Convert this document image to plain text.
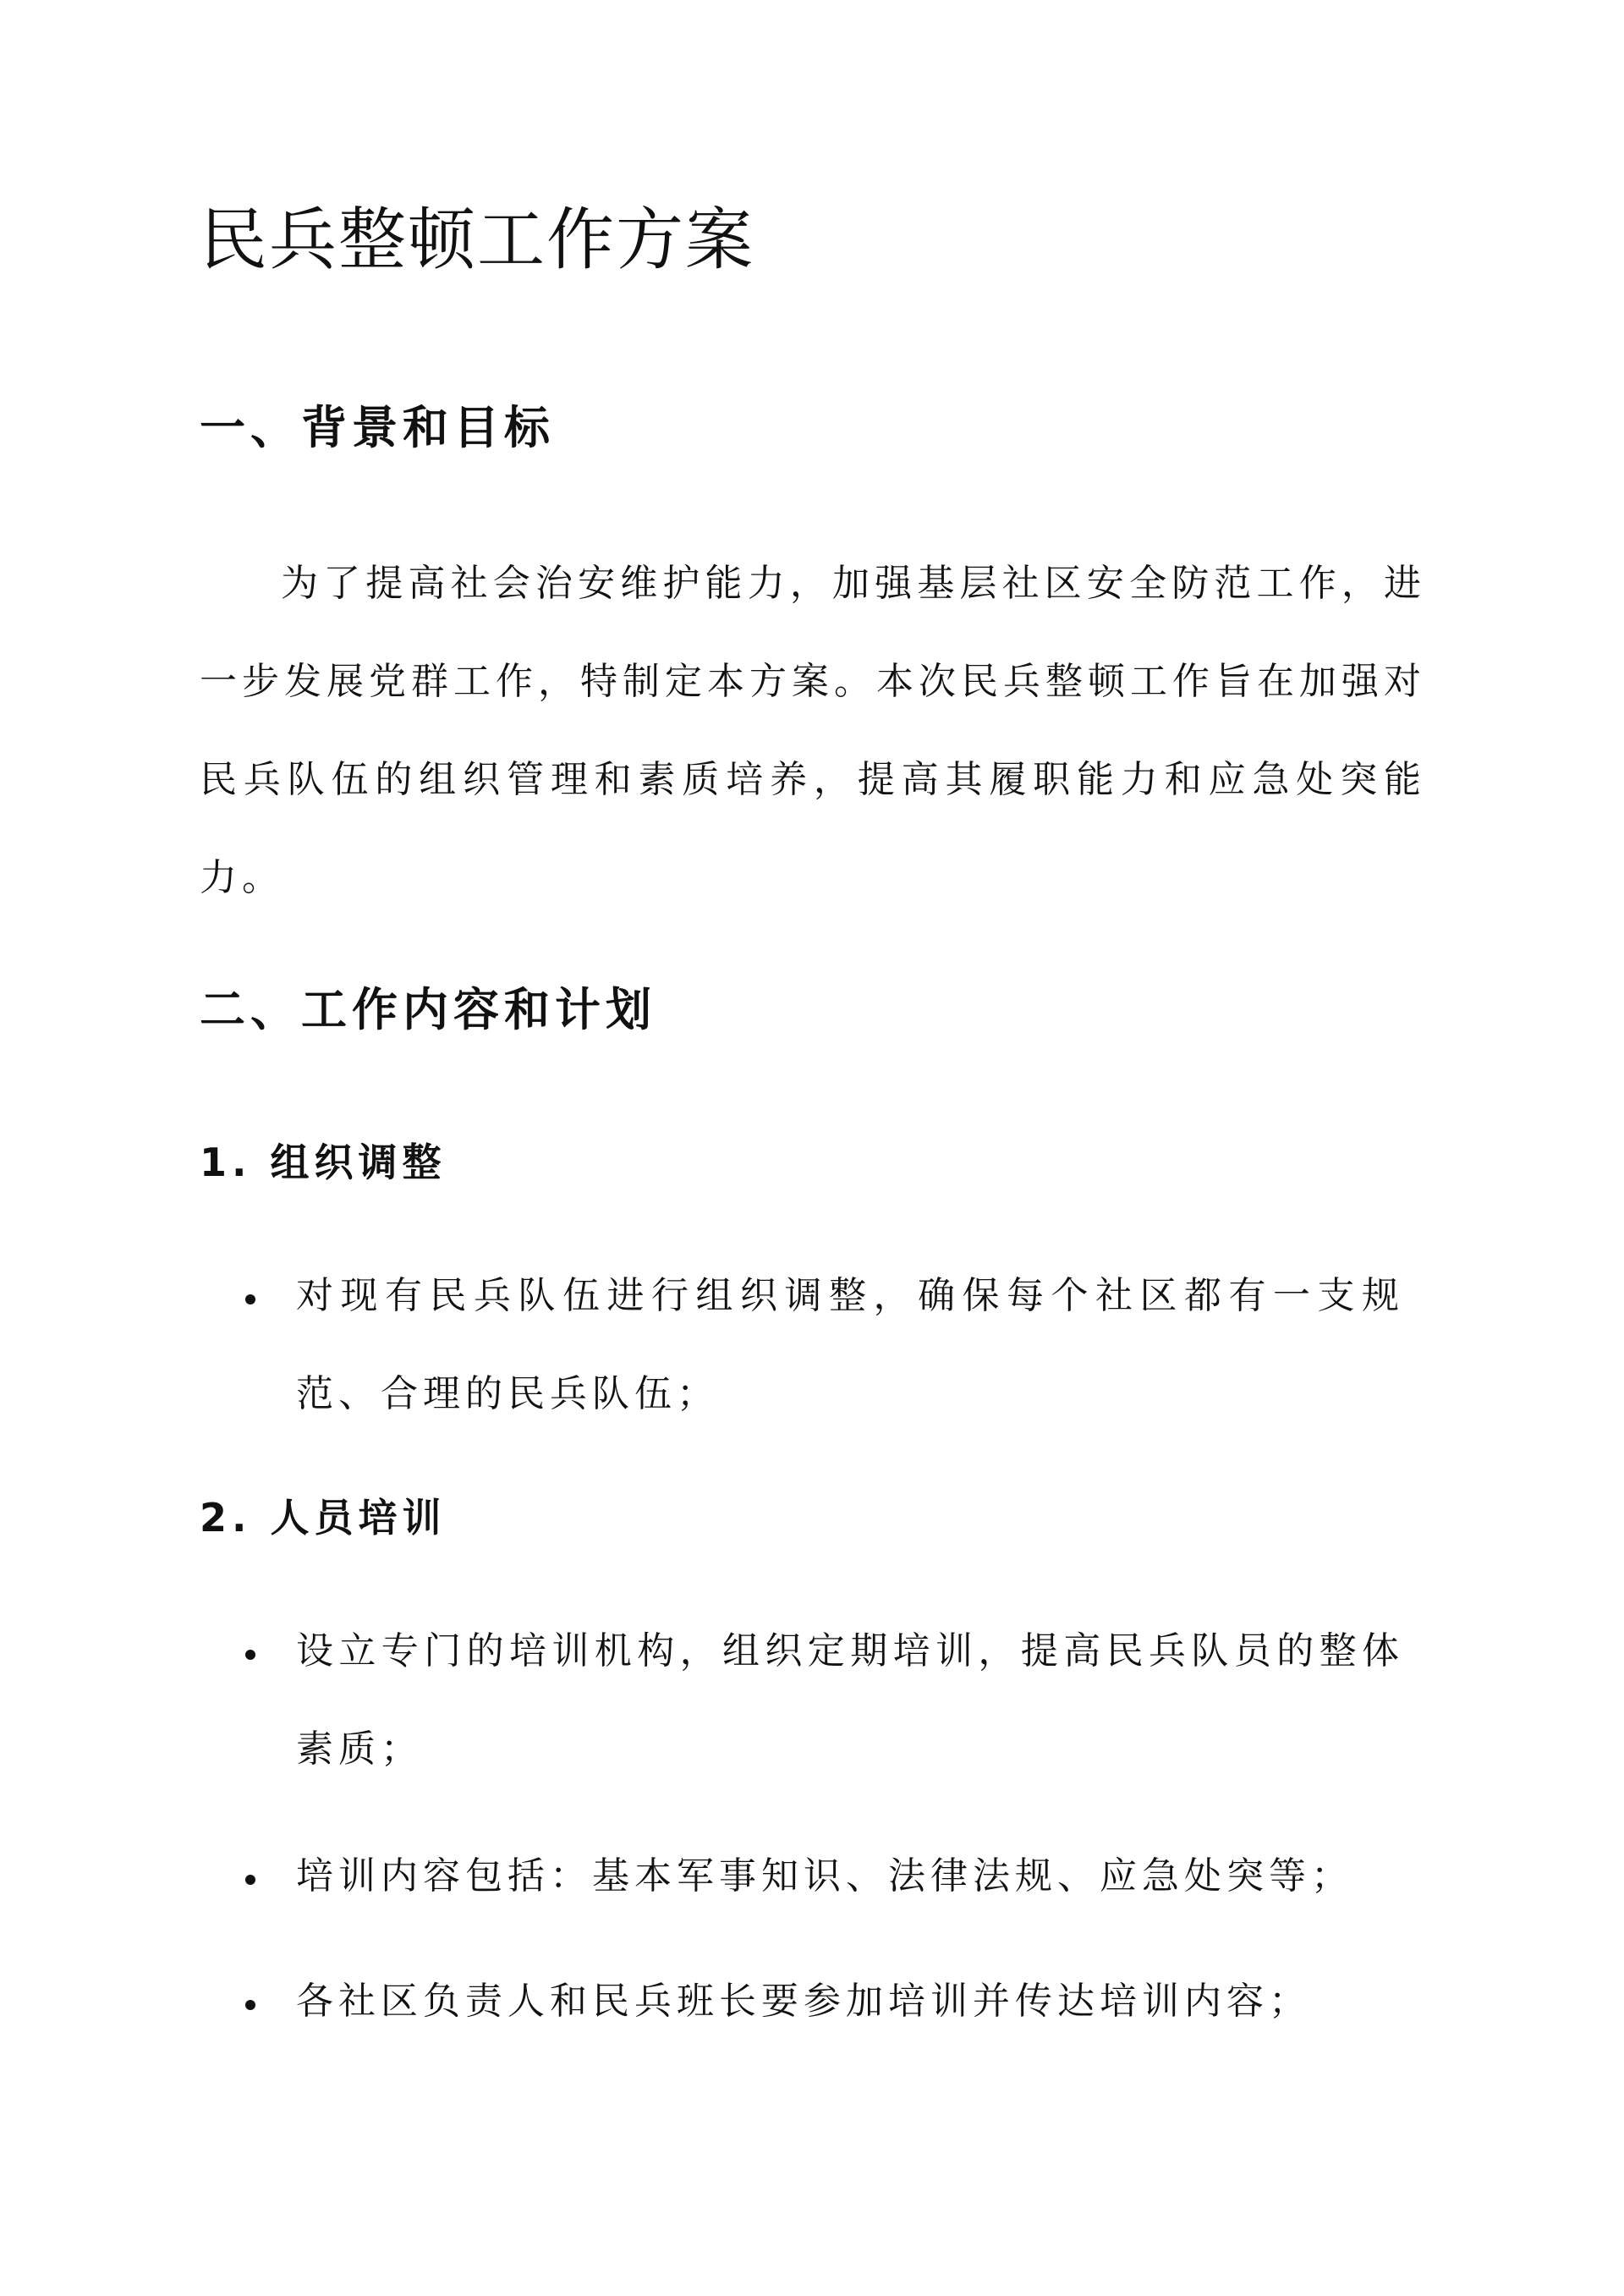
民兵整顿工作方案
一、背景和目标

为了提高社会治安维护能力，加强基层社区安全防范工作，进一步发展党群工作，特制定本方案。本次民兵整顿工作旨在加强对民兵队伍的组织管理和素质培养，提高其履职能力和应急处突能力。

二、工作内容和计划
1. 组织调整

对现有民兵队伍进行组织调整，确保每个社区都有一支规范、合理的民兵队伍；

2. 人员培训

设立专门的培训机构，组织定期培训，提高民兵队员的整体素质；

培训内容包括：基本军事知识、法律法规、应急处突等；

各社区负责人和民兵班长要参加培训并传达培训内容；
